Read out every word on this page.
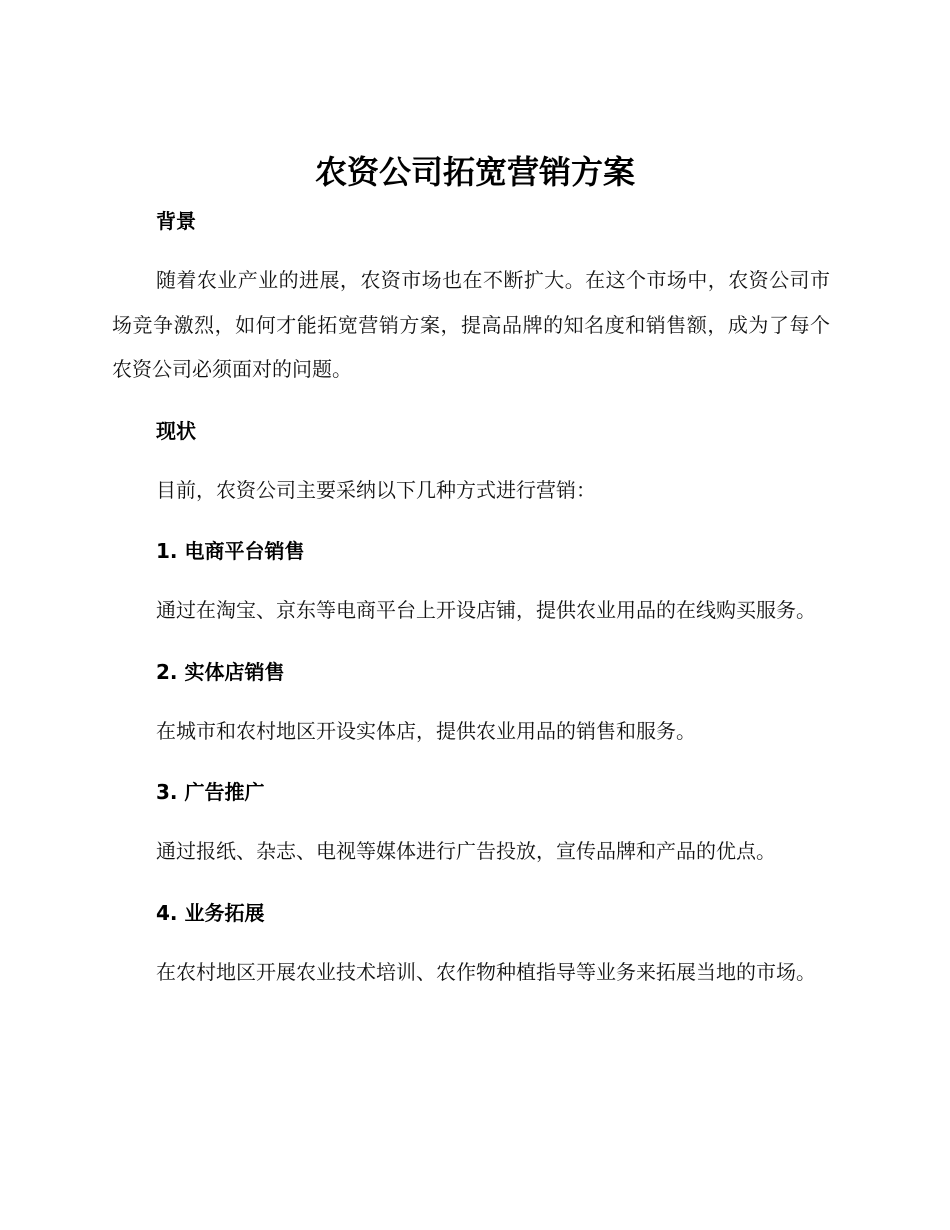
农资公司拓宽营销方案
背景

随着农业产业的进展，农资市场也在不断扩大。在这个市场中，农资公司市场竞争激烈，如何才能拓宽营销方案，提高品牌的知名度和销售额，成为了每个农资公司必须面对的问题。

现状

目前，农资公司主要采纳以下几种方式进行营销：

1. 电商平台销售

通过在淘宝、京东等电商平台上开设店铺，提供农业用品的在线购买服务。

2. 实体店销售

在城市和农村地区开设实体店，提供农业用品的销售和服务。

3. 广告推广

通过报纸、杂志、电视等媒体进行广告投放，宣传品牌和产品的优点。

4. 业务拓展

在农村地区开展农业技术培训、农作物种植指导等业务来拓展当地的市场。
